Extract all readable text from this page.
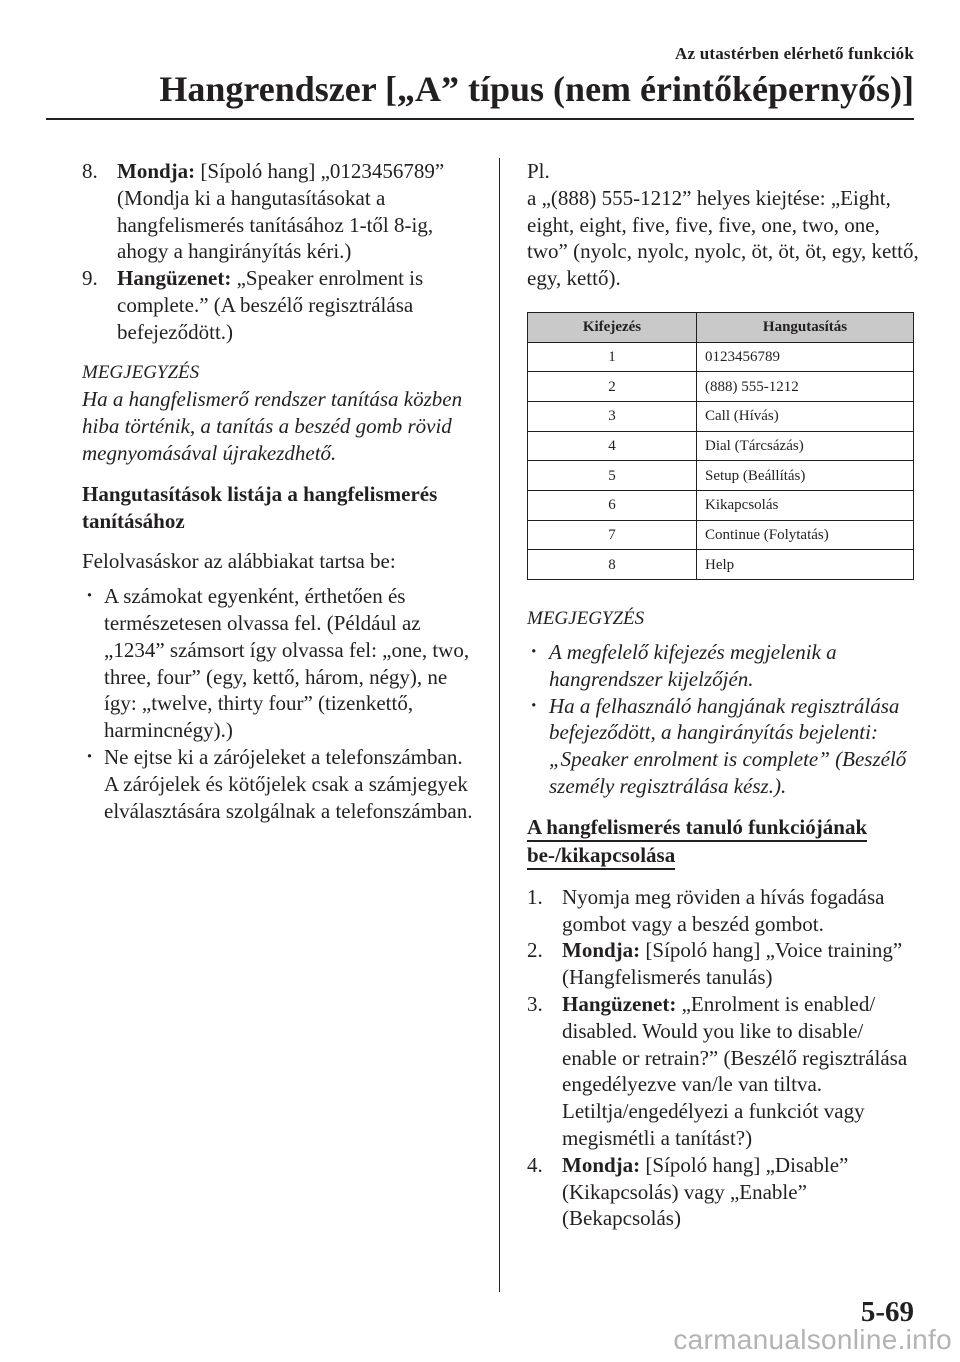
Az utastérben elérhető funkciók
Hangrendszer [„A” típus (nem érintőképernyős)]
8. Mondja: [Sípoló hang] „0123456789” (Mondja ki a hangutasításokat a hangfelismerés tanításához 1-től 8-ig, ahogy a hangirányítás kéri.)
9. Hangüzenet: „Speaker enrolment is complete.” (A beszélő regisztrálása befejeződött.)
MEGJEGYZÉS
Ha a hangfelismerő rendszer tanítása közben hiba történik, a tanítás a beszéd gomb rövid megnyomásával újrakezdhető.
Hangutasítások listája a hangfelismerés tanításához
Felolvasáskor az alábbiakat tartsa be:
· A számokat egyenként, érthetően és természetesen olvassa fel. (Például az „1234” számsort így olvassa fel: „one, two, three, four” (egy, kettő, három, négy), ne így: „twelve, thirty four” (tizenkettő, harmincnégy).)
· Ne ejtse ki a zárójeleket a telefonszámban. A zárójelek és kötőjelek csak a számjegyek elválasztására szolgálnak a telefonszámban.
Pl.
a „(888) 555-1212” helyes kiejtése: „Eight, eight, eight, five, five, five, one, two, one, two” (nyolc, nyolc, nyolc, öt, öt, öt, egy, kettő, egy, kettő).
Kifejezés	Hangutasítás
1	0123456789
2	(888) 555-1212
3	Call (Hívás)
4	Dial (Tárcsázás)
5	Setup (Beállítás)
6	Kikapcsolás
7	Continue (Folytatás)
8	Help
MEGJEGYZÉS
· A megfelelő kifejezés megjelenik a hangrendszer kijelzőjén.
· Ha a felhasználó hangjának regisztrálása befejeződött, a hangirányítás bejelenti: „Speaker enrolment is complete” (Beszélő személy regisztrálása kész.).
A hangfelismerés tanuló funkciójának
be-/kikapcsolása
1. Nyomja meg röviden a hívás fogadása gombot vagy a beszéd gombot.
2. Mondja: [Sípoló hang] „Voice training” (Hangfelismerés tanulás)
3. Hangüzenet: „Enrolment is enabled/ disabled. Would you like to disable/ enable or retrain?” (Beszélő regisztrálása engedélyezve van/le van tiltva. Letiltja/engedélyezi a funkciót vagy megismétli a tanítást?)
4. Mondja: [Sípoló hang] „Disable” (Kikapcsolás) vagy „Enable” (Bekapcsolás)
5-69
carmanualsonline.info
